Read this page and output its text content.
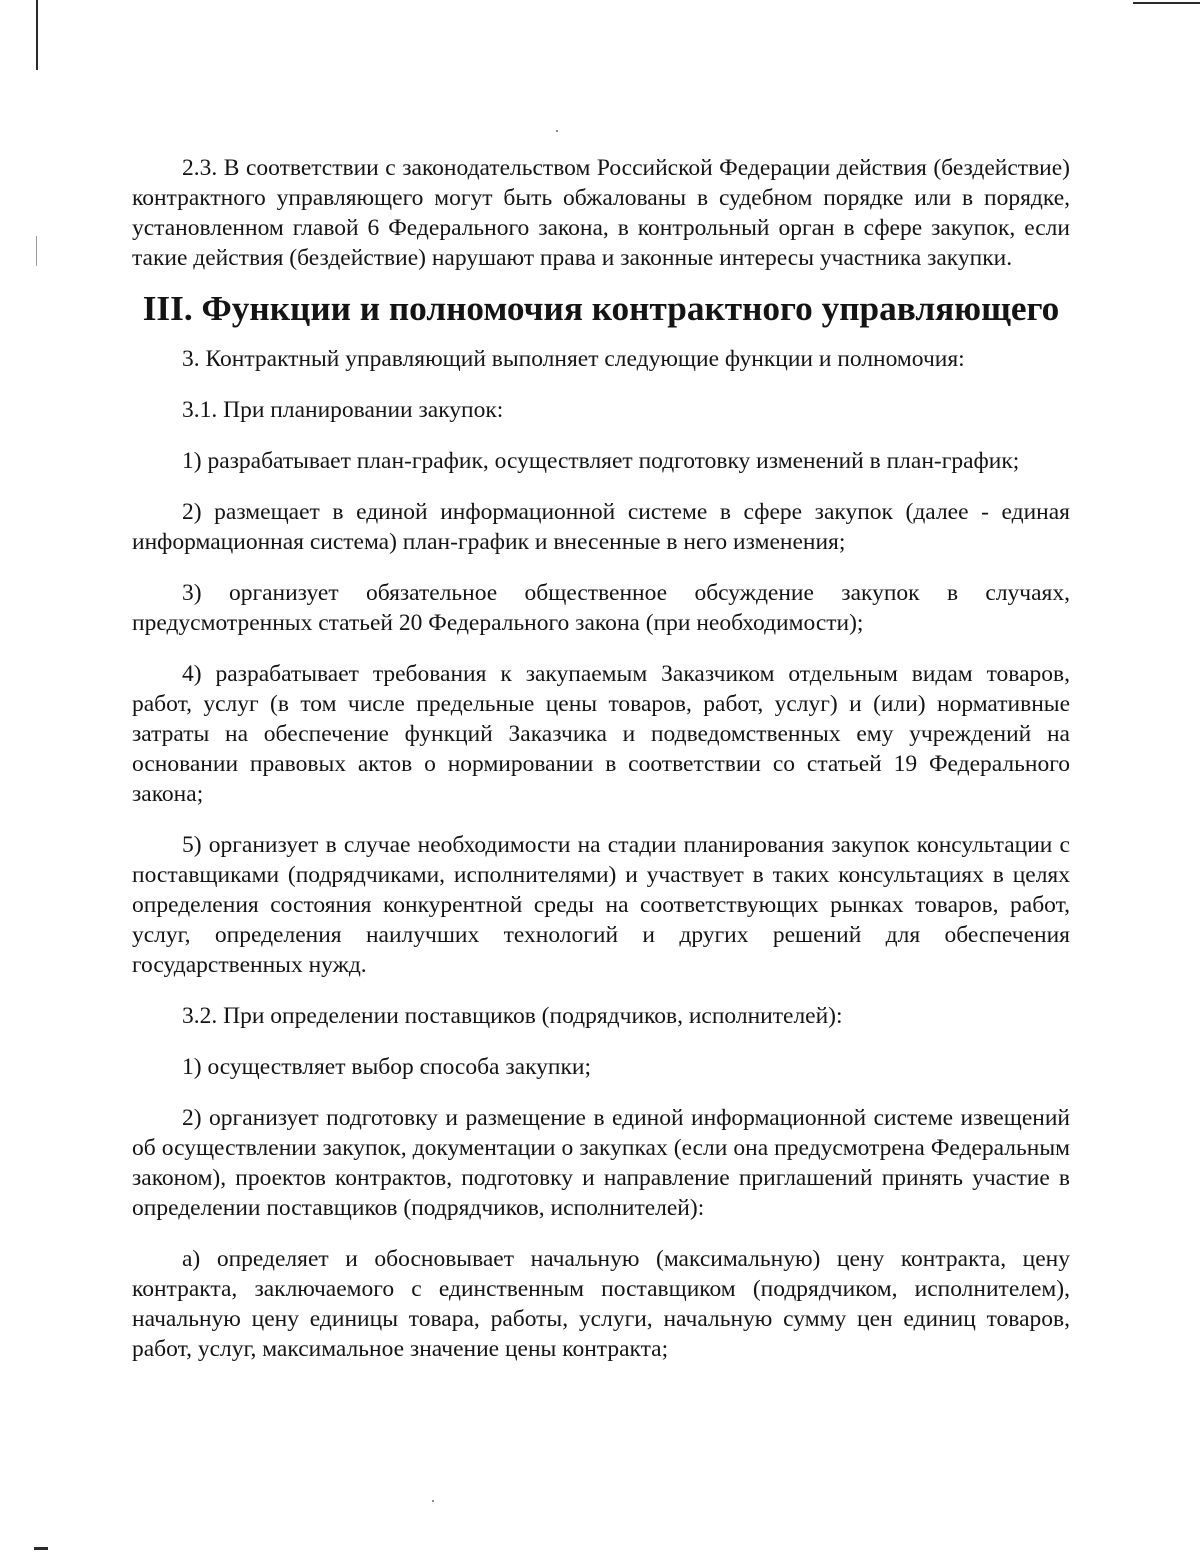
2.3. В соответствии с законодательством Российской Федерации действия (бездействие) контрактного управляющего могут быть обжалованы в судебном порядке или в порядке, установленном главой 6 Федерального закона, в контрольный орган в сфере закупок, если такие действия (бездействие) нарушают права и законные интересы участника закупки.

III. Функции и полномочия контрактного управляющего

3. Контрактный управляющий выполняет следующие функции и полномочия:

3.1. При планировании закупок:

1) разрабатывает план-график, осуществляет подготовку изменений в план-график;

2) размещает в единой информационной системе в сфере закупок (далее - единая информационная система) план-график и внесенные в него изменения;

3) организует обязательное общественное обсуждение закупок в случаях, предусмотренных статьей 20 Федерального закона (при необходимости);

4) разрабатывает требования к закупаемым Заказчиком отдельным видам товаров, работ, услуг (в том числе предельные цены товаров, работ, услуг) и (или) нормативные затраты на обеспечение функций Заказчика и подведомственных ему учреждений на основании правовых актов о нормировании в соответствии со статьей 19 Федерального закона;

5) организует в случае необходимости на стадии планирования закупок консультации с поставщиками (подрядчиками, исполнителями) и участвует в таких консультациях в целях определения состояния конкурентной среды на соответствующих рынках товаров, работ, услуг, определения наилучших технологий и других решений для обеспечения государственных нужд.

3.2. При определении поставщиков (подрядчиков, исполнителей):

1) осуществляет выбор способа закупки;

2) организует подготовку и размещение в единой информационной системе извещений об осуществлении закупок, документации о закупках (если она предусмотрена Федеральным законом), проектов контрактов, подготовку и направление приглашений принять участие в определении поставщиков (подрядчиков, исполнителей):

а) определяет и обосновывает начальную (максимальную) цену контракта, цену контракта, заключаемого с единственным поставщиком (подрядчиком, исполнителем), начальную цену единицы товара, работы, услуги, начальную сумму цен единиц товаров, работ, услуг, максимальное значение цены контракта;
